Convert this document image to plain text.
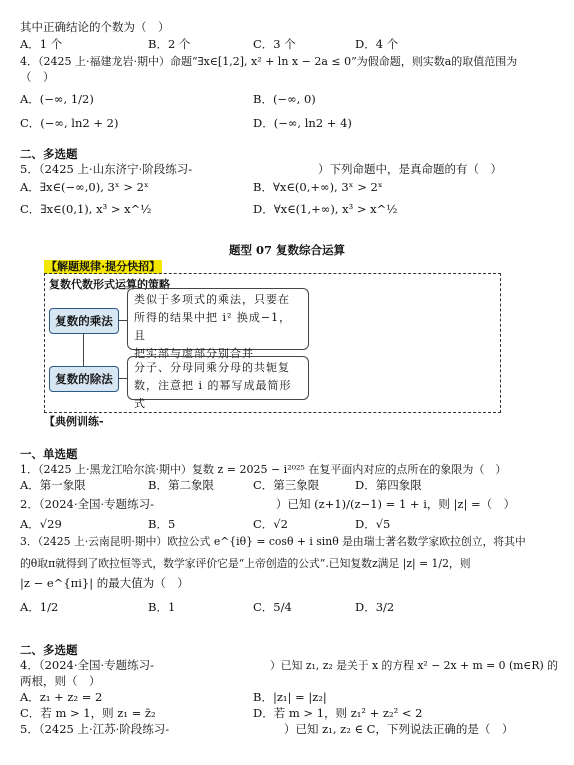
其中正确结论的个数为（　）
A．1 个	B．2 个	C．3 个	D．4 个
4．（2425 上·福建龙岩·期中）命题“∃x∈[1,2], x² + ln x − 2a ≤ 0”为假命题，则实数a的取值范围为
（　）
A．(−∞, 1/2)	B．(−∞, 0)
C．(−∞, ln2 + 2)	D．(−∞, ln2 + 4)
二、多选题
5．（2425 上·山东济宁·阶段练习-	）下列命题中，是真命题的有（　）
A．∃x∈(−∞,0), 3ˣ > 2ˣ	B．∀x∈(0,+∞), 3ˣ > 2ˣ
C．∃x∈(0,1), x³ > x^½	D．∀x∈(1,+∞), x³ > x^½
题型 07 复数综合运算
【解题规律·提分快招】
复数代数形式运算的策略
复数的乘法
复数的除法
类似于多项式的乘法，只要在
所得的结果中把 i² 换成−1，且
把实部与虚部分别合并
分子、分母同乘分母的共轭复
数，注意把 i 的幂写成最简形式
【典例训练-
一、单选题
1．（2425 上·黑龙江哈尔滨·期中）复数 z = 2025 − i²⁰²⁵ 在复平面内对应的点所在的象限为（　）
A．第一象限	B．第二象限	C．第三象限	D．第四象限
2．（2024·全国·专题练习-	）已知 (z+1)/(z−1) = 1 + i，则 |z| =（　）
A．√29	B．5	C．√2	D．√5
3．（2425 上·云南昆明·期中）欧拉公式 e^{iθ} = cosθ + i sinθ 是由瑞士著名数学家欧拉创立，将其中
的θ取π就得到了欧拉恒等式，数学家评价它是“上帝创造的公式”.已知复数z满足 |z| = 1/2，则
|z − e^{πi}| 的最大值为（　）
A．1/2	B．1	C．5/4	D．3/2
二、多选题
4．（2024·全国·专题练习-	）已知 z₁, z₂ 是关于 x 的方程 x² − 2x + m = 0 (m∈R) 的
两根，则（　）
A．z₁ + z₂ = 2	B．|z₁| = |z₂|
C．若 m > 1，则 z₁ = z̄₂	D．若 m > 1，则 z₁² + z₂² < 2
5．（2425 上·江苏·阶段练习-	）已知 z₁, z₂ ∈ C，下列说法正确的是（　）
